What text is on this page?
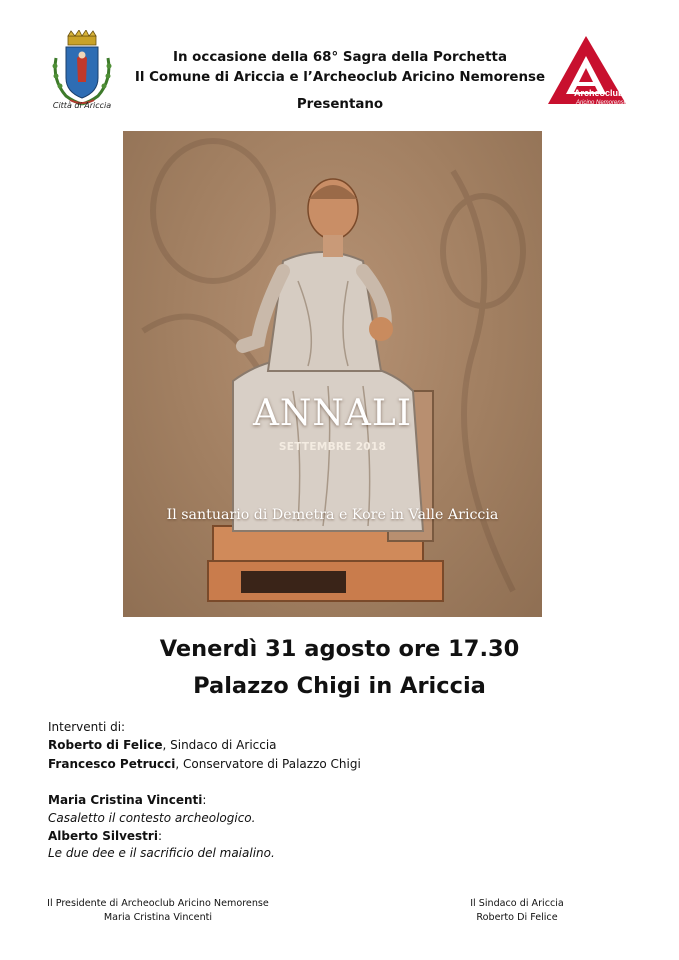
Città di Ariccia
Archeoclub
Aricino Nemorense
In occasione della 68° Sagra della Porchetta
Il Comune di Ariccia e l’Archeoclub Aricino Nemorense
Presentano
ANNALI
SETTEMBRE 2018
Il santuario di Demetra e Kore in Valle Ariccia
Venerdì 31 agosto ore 17.30
Palazzo Chigi in Ariccia
Interventi di:
Roberto di Felice, Sindaco di Ariccia
Francesco Petrucci, Conservatore di Palazzo Chigi
Maria Cristina Vincenti:
Casaletto il contesto archeologico.
Alberto Silvestri:
Le due dee e il sacrificio del maialino.
Il Presidente di Archeoclub Aricino Nemorense
Maria Cristina Vincenti
Il Sindaco di Ariccia
Roberto Di Felice
